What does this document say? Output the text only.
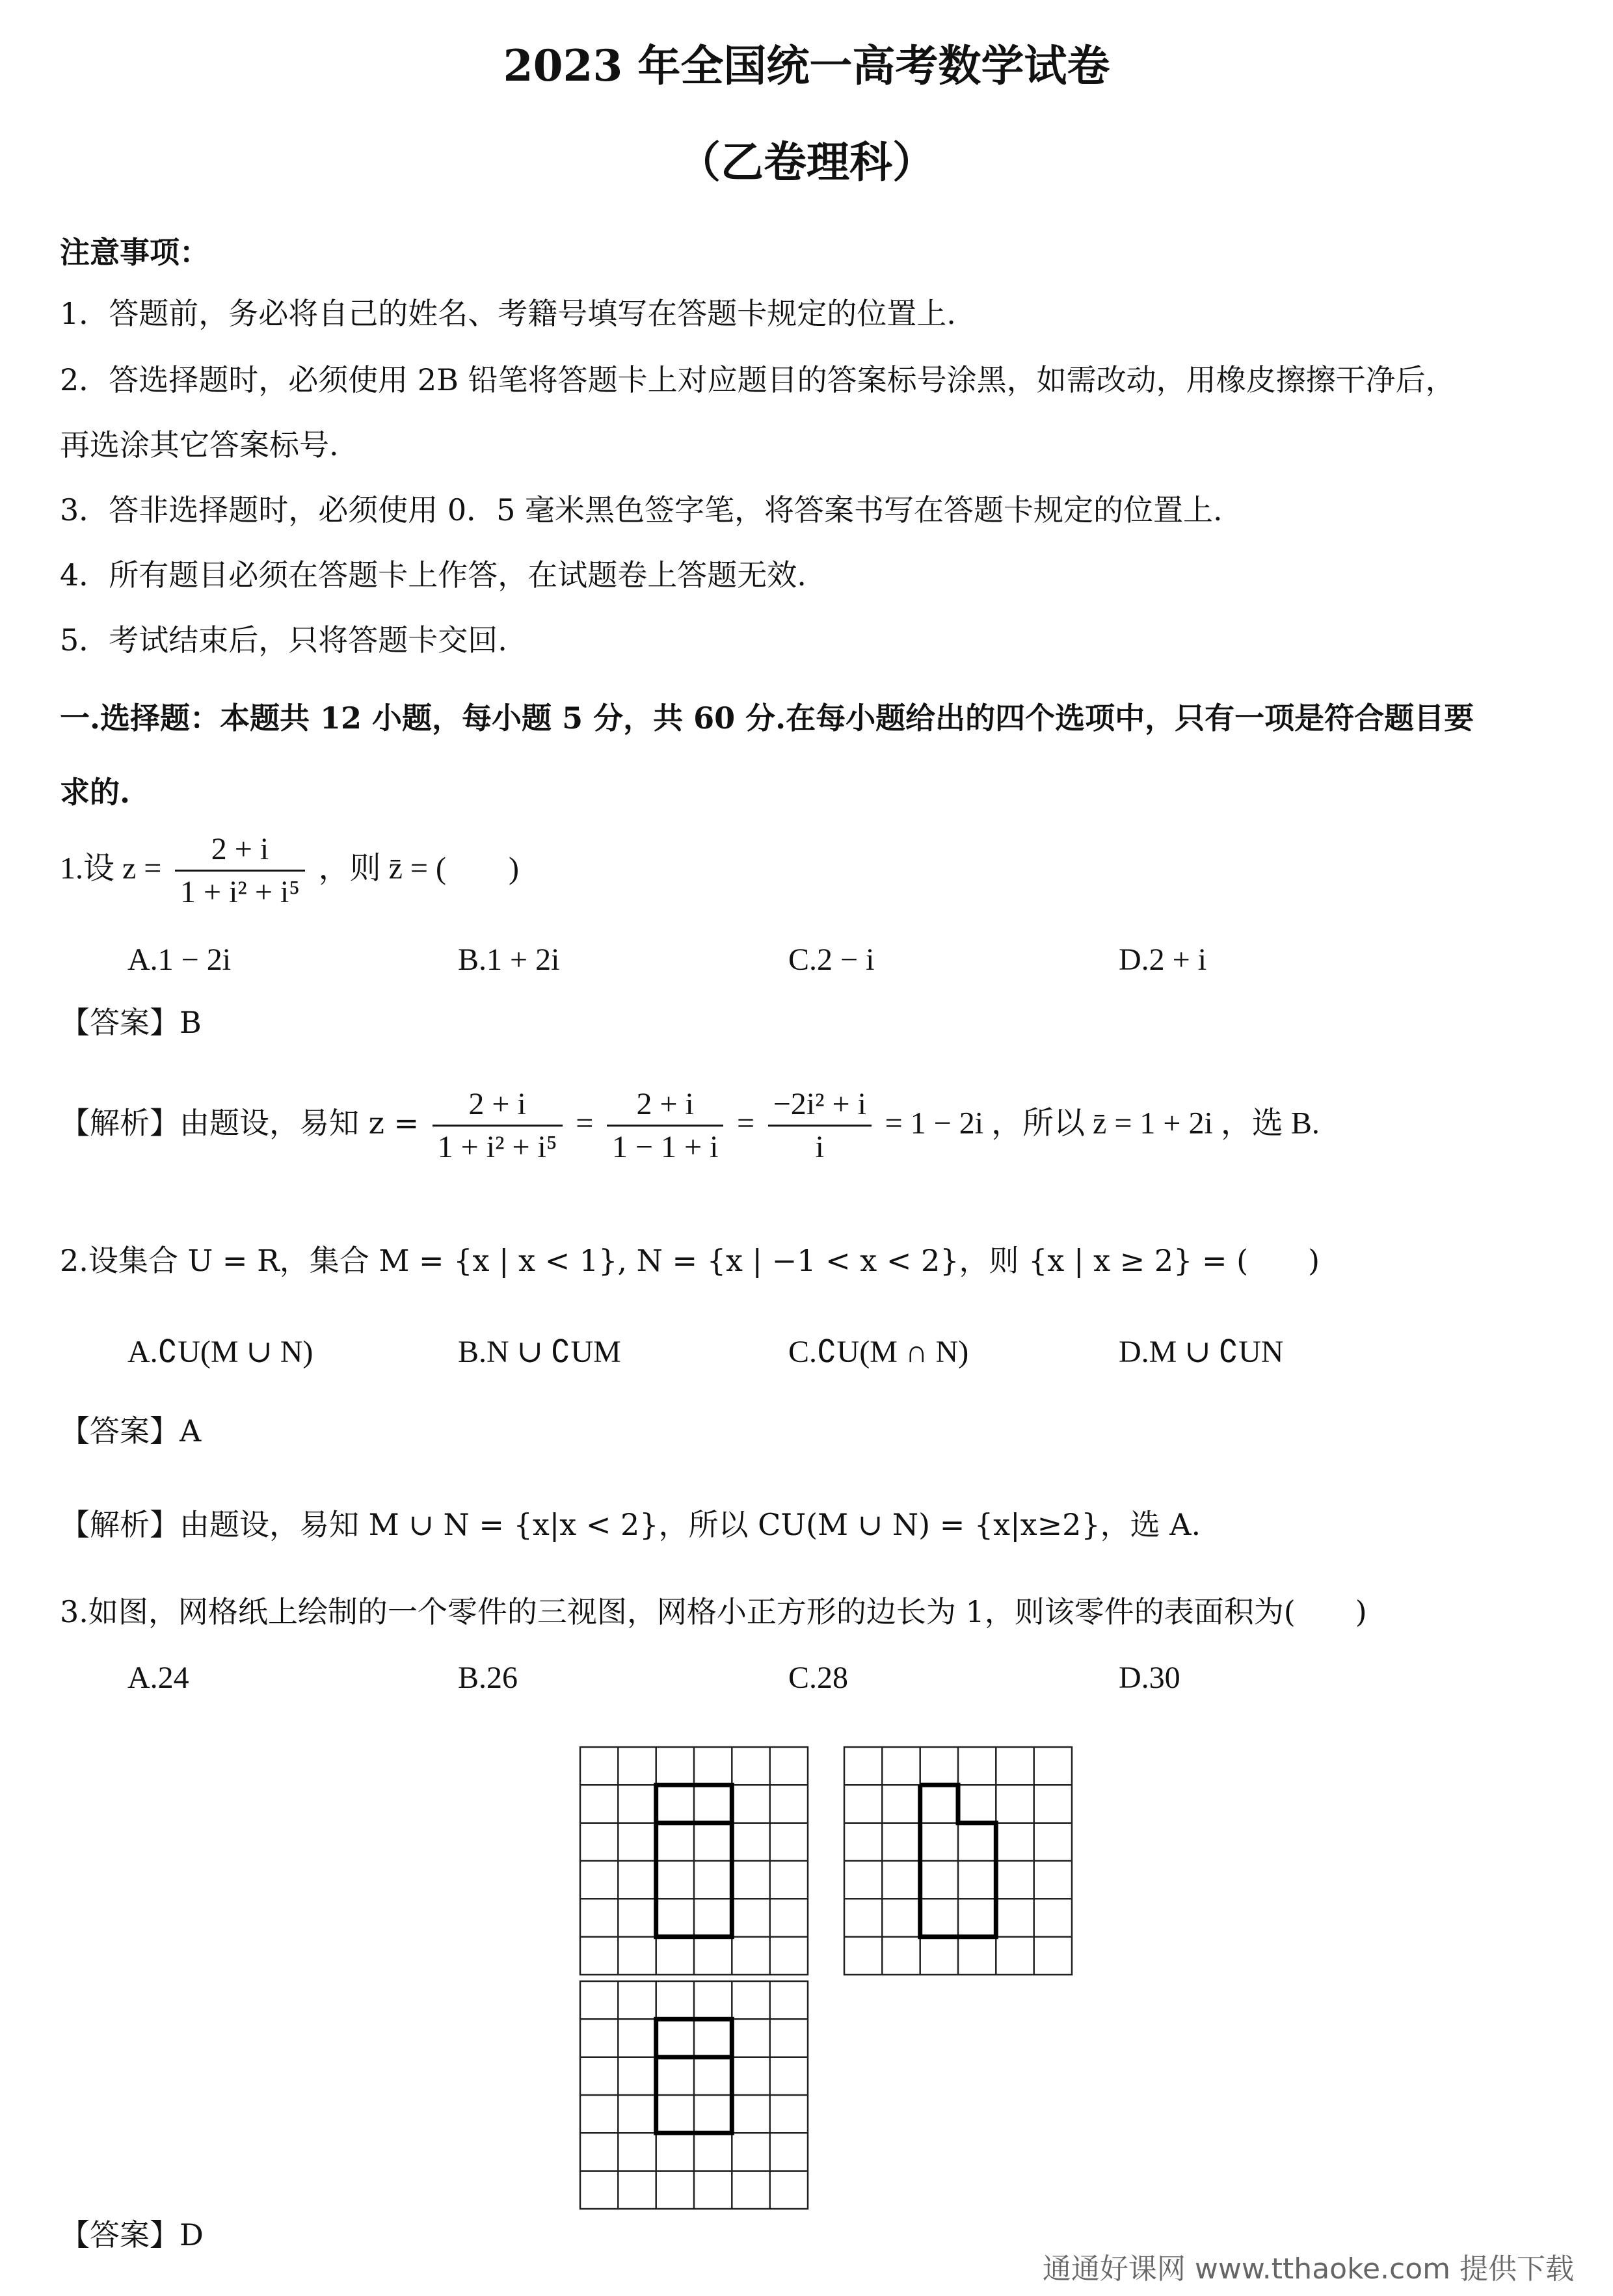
2023 年全国统一高考数学试卷
（乙卷理科）
注意事项：
1．答题前，务必将自己的姓名、考籍号填写在答题卡规定的位置上.
2．答选择题时，必须使用 2B 铅笔将答题卡上对应题目的答案标号涂黑，如需改动，用橡皮擦擦干净后，
再选涂其它答案标号.
3．答非选择题时，必须使用 0．5 毫米黑色签字笔，将答案书写在答题卡规定的位置上.
4．所有题目必须在答题卡上作答，在试题卷上答题无效.
5．考试结束后，只将答题卡交回.
一.选择题：本题共 12 小题，每小题 5 分，共 60 分.在每小题给出的四个选项中，只有一项是符合题目要
求的.
1.设 $z = \frac{2 + i}{\text{1 + i² + i⁵}}$ ，则 z̄ = (　　)
A.1 − 2i	B.1 + 2i	C.2 − i	D.2 + i
【答案】B
【解析】由题设，易知 $z = \frac{2 + i}{\text{1 + i² + i⁵}} = \frac{2 + i}{1 - 1 + i} = \frac{\text{−2i² + i}}{i} = 1 - 2i$ ，所以 z̄ = 1 + 2i ，选 B.
2.设集合 U = R，集合 M = {x | x < 1}, N = {x | −1 < x < 2}，则 {x | x ≥ 2} = (　　)
A.∁U(M ∪ N)	B.N ∪ ∁UM	C.∁U(M ∩ N)	D.M ∪ ∁UN
【答案】A
【解析】由题设，易知 M ∪ N = {x|x < 2}，所以 CU(M ∪ N) = {x|x≥2}，选 A.
3.如图，网格纸上绘制的一个零件的三视图，网格小正方形的边长为 1，则该零件的表面积为(　　)
A.24	B.26	C.28	D.30
【答案】D
通通好课网 www.tthaoke.com 提供下载
